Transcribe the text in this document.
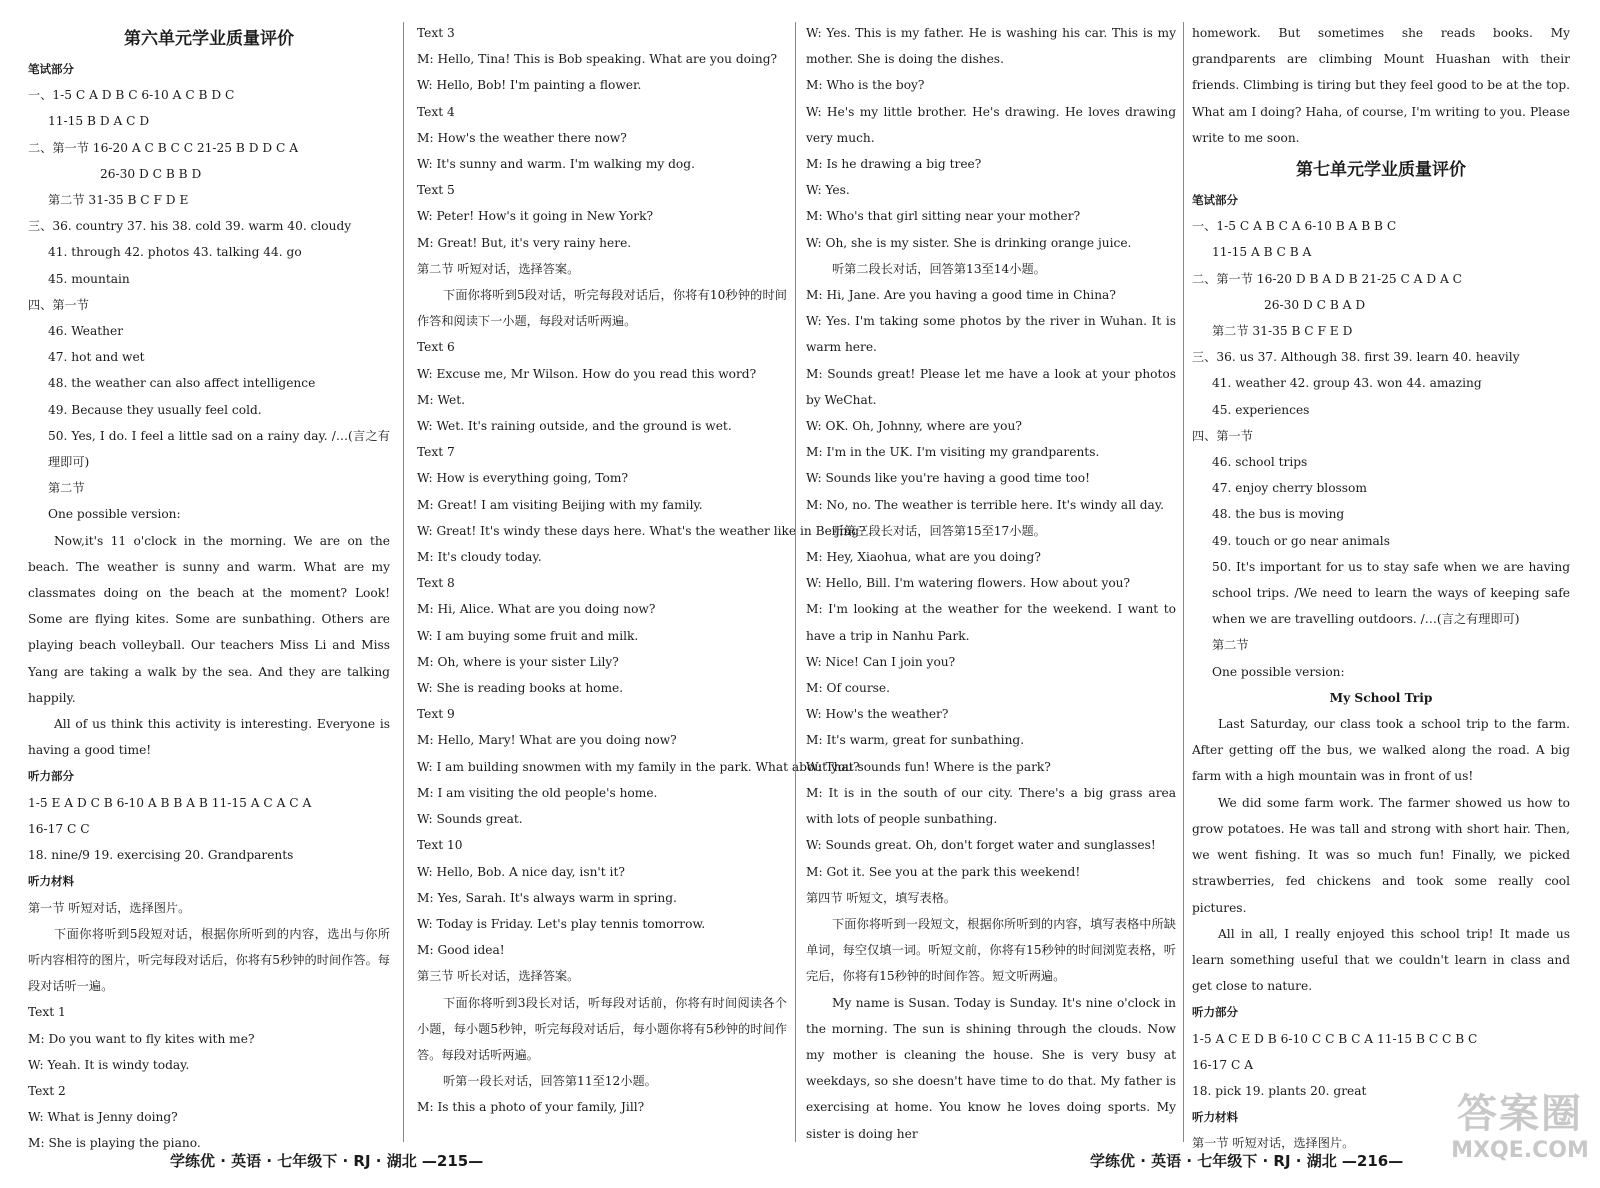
第六单元学业质量评价
笔试部分
一、1-5 C A D B C 6-10 A C B D C
11-15 B D A C D
二、第一节 16-20 A C B C C 21-25 B D D C A
26-30 D C B B D
第二节 31-35 B C F D E
三、36. country 37. his 38. cold 39. warm 40. cloudy
41. through 42. photos 43. talking 44. go
45. mountain
四、第一节
46. Weather
47. hot and wet
48. the weather can also affect intelligence
49. Because they usually feel cold.
50. Yes, I do. I feel a little sad on a rainy day. /…(言之有理即可)
第二节
One possible version:
Now,it's 11 o'clock in the morning. We are on the beach. The weather is sunny and warm. What are my classmates doing on the beach at the moment? Look! Some are flying kites. Some are sunbathing. Others are playing beach volleyball. Our teachers Miss Li and Miss Yang are taking a walk by the sea. And they are talking happily.
All of us think this activity is interesting. Everyone is having a good time!
听力部分
1-5 E A D C B 6-10 A B B A B 11-15 A C A C A
16-17 C C
18. nine/9 19. exercising 20. Grandparents
听力材料
第一节 听短对话，选择图片。
下面你将听到5段短对话，根据你所听到的内容，选出与你所听内容相符的图片，听完每段对话后，你将有5秒钟的时间作答。每段对话听一遍。
Text 1
M: Do you want to fly kites with me?
W: Yeah. It is windy today.
Text 2
W: What is Jenny doing?
M: She is playing the piano.
Text 3
M: Hello, Tina! This is Bob speaking. What are you doing?
W: Hello, Bob! I'm painting a flower.
Text 4
M: How's the weather there now?
W: It's sunny and warm. I'm walking my dog.
Text 5
W: Peter! How's it going in New York?
M: Great! But, it's very rainy here.
第二节 听短对话，选择答案。
下面你将听到5段对话，听完每段对话后，你将有10秒钟的时间作答和阅读下一小题，每段对话听两遍。
Text 6
W: Excuse me, Mr Wilson. How do you read this word?
M: Wet.
W: Wet. It's raining outside, and the ground is wet.
Text 7
W: How is everything going, Tom?
M: Great! I am visiting Beijing with my family.
W: Great! It's windy these days here. What's the weather like in Beijing?
M: It's cloudy today.
Text 8
M: Hi, Alice. What are you doing now?
W: I am buying some fruit and milk.
M: Oh, where is your sister Lily?
W: She is reading books at home.
Text 9
M: Hello, Mary! What are you doing now?
W: I am building snowmen with my family in the park. What about you?
M: I am visiting the old people's home.
W: Sounds great.
Text 10
W: Hello, Bob. A nice day, isn't it?
M: Yes, Sarah. It's always warm in spring.
W: Today is Friday. Let's play tennis tomorrow.
M: Good idea!
第三节 听长对话，选择答案。
下面你将听到3段长对话，听每段对话前，你将有时间阅读各个小题，每小题5秒钟，听完每段对话后，每小题你将有5秒钟的时间作答。每段对话听两遍。
听第一段长对话，回答第11至12小题。
M: Is this a photo of your family, Jill?
W: Yes. This is my father. He is washing his car. This is my mother. She is doing the dishes.
M: Who is the boy?
W: He's my little brother. He's drawing. He loves drawing very much.
M: Is he drawing a big tree?
W: Yes.
M: Who's that girl sitting near your mother?
W: Oh, she is my sister. She is drinking orange juice.
听第二段长对话，回答第13至14小题。
M: Hi, Jane. Are you having a good time in China?
W: Yes. I'm taking some photos by the river in Wuhan. It is warm here.
M: Sounds great! Please let me have a look at your photos by WeChat.
W: OK. Oh, Johnny, where are you?
M: I'm in the UK. I'm visiting my grandparents.
W: Sounds like you're having a good time too!
M: No, no. The weather is terrible here. It's windy all day.
听第三段长对话，回答第15至17小题。
M: Hey, Xiaohua, what are you doing?
W: Hello, Bill. I'm watering flowers. How about you?
M: I'm looking at the weather for the weekend. I want to have a trip in Nanhu Park.
W: Nice! Can I join you?
M: Of course.
W: How's the weather?
M: It's warm, great for sunbathing.
W: That sounds fun! Where is the park?
M: It is in the south of our city. There's a big grass area with lots of people sunbathing.
W: Sounds great. Oh, don't forget water and sunglasses!
M: Got it. See you at the park this weekend!
第四节 听短文，填写表格。
下面你将听到一段短文，根据你所听到的内容，填写表格中所缺单词，每空仅填一词。听短文前，你将有15秒钟的时间浏览表格，听完后，你将有15秒钟的时间作答。短文听两遍。
My name is Susan. Today is Sunday. It's nine o'clock in the morning. The sun is shining through the clouds. Now my mother is cleaning the house. She is very busy at weekdays, so she doesn't have time to do that. My father is exercising at home. You know he loves doing sports. My sister is doing her
homework. But sometimes she reads books. My grandparents are climbing Mount Huashan with their friends. Climbing is tiring but they feel good to be at the top. What am I doing? Haha, of course, I'm writing to you. Please write to me soon.
第七单元学业质量评价
笔试部分
一、1-5 C A B C A 6-10 B A B B C
11-15 A B C B A
二、第一节 16-20 D B A D B 21-25 C A D A C
26-30 D C B A D
第二节 31-35 B C F E D
三、36. us 37. Although 38. first 39. learn 40. heavily
41. weather 42. group 43. won 44. amazing
45. experiences
四、第一节
46. school trips
47. enjoy cherry blossom
48. the bus is moving
49. touch or go near animals
50. It's important for us to stay safe when we are having school trips. /We need to learn the ways of keeping safe when we are travelling outdoors. /…(言之有理即可)
第二节
One possible version:
My School Trip
Last Saturday, our class took a school trip to the farm. After getting off the bus, we walked along the road. A big farm with a high mountain was in front of us!
We did some farm work. The farmer showed us how to grow potatoes. He was tall and strong with short hair. Then, we went fishing. It was so much fun! Finally, we picked strawberries, fed chickens and took some really cool pictures.
All in all, I really enjoyed this school trip! It made us learn something useful that we couldn't learn in class and get close to nature.
听力部分
1-5 A C E D B 6-10 C C B C A 11-15 B C C B C
16-17 C A
18. pick 19. plants 20. great
听力材料
第一节 听短对话，选择图片。
学练优 · 英语 · 七年级下 · RJ · 湖北 —215—	学练优 · 英语 · 七年级下 · RJ · 湖北 —216—
答案圈
MXQE.COM
